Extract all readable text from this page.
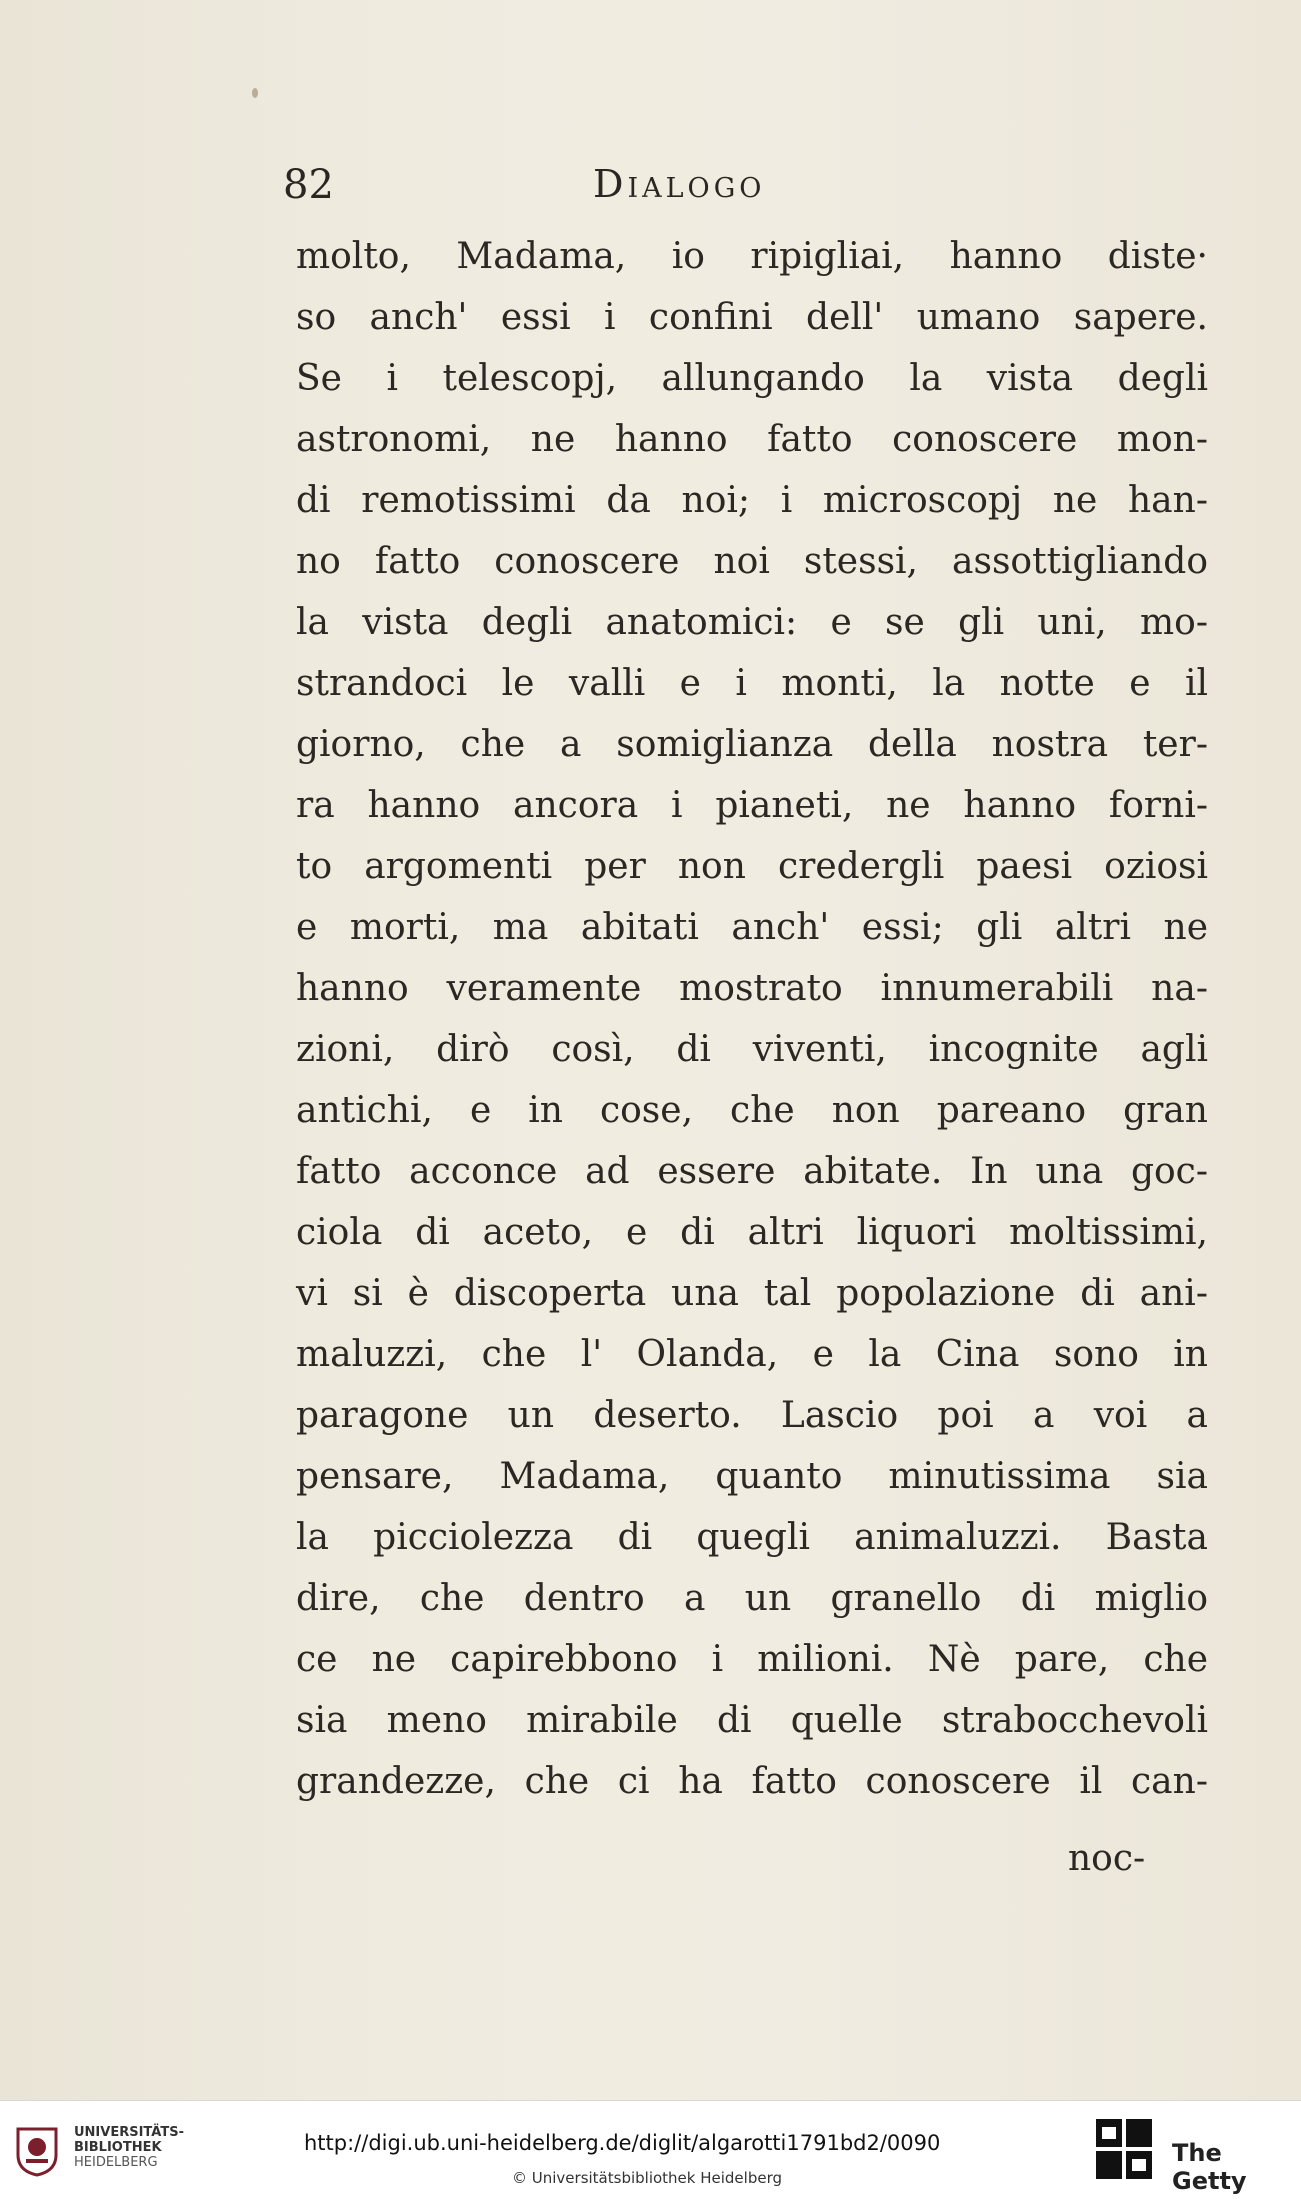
82	Dialogo
molto, Madama, io ripigliai, hanno diste·
so anch' essi i confini dell' umano sapere.
Se i telescopj, allungando la vista degli
astronomi, ne hanno fatto conoscere mon-
di remotissimi da noi; i microscopj ne han-
no fatto conoscere noi stessi, assottigliando
la vista degli anatomici: e se gli uni, mo-
strandoci le valli e i monti, la notte e il
giorno, che a somiglianza della nostra ter-
ra hanno ancora i pianeti, ne hanno forni-
to argomenti per non credergli paesi oziosi
e morti, ma abitati anch' essi; gli altri ne
hanno veramente mostrato innumerabili na-
zioni, dirò così, di viventi, incognite agli
antichi, e in cose, che non pareano gran
fatto acconce ad essere abitate. In una goc-
ciola di aceto, e di altri liquori moltissimi,
vi si è discoperta una tal popolazione di ani-
maluzzi, che l' Olanda, e la Cina sono in
paragone un deserto. Lascio poi a voi a
pensare, Madama, quanto minutissima sia
la picciolezza di quegli animaluzzi. Basta
dire, che dentro a un granello di miglio
ce ne capirebbono i milioni. Nè pare, che
sia meno mirabile di quelle strabocchevoli
grandezze, che ci ha fatto conoscere il can-
noc-
UNIVERSITÄTS-
BIBLIOTHEK
HEIDELBERG
http://digi.ub.uni-heidelberg.de/diglit/algarotti1791bd2/0090
© Universitätsbibliothek Heidelberg
The Getty
